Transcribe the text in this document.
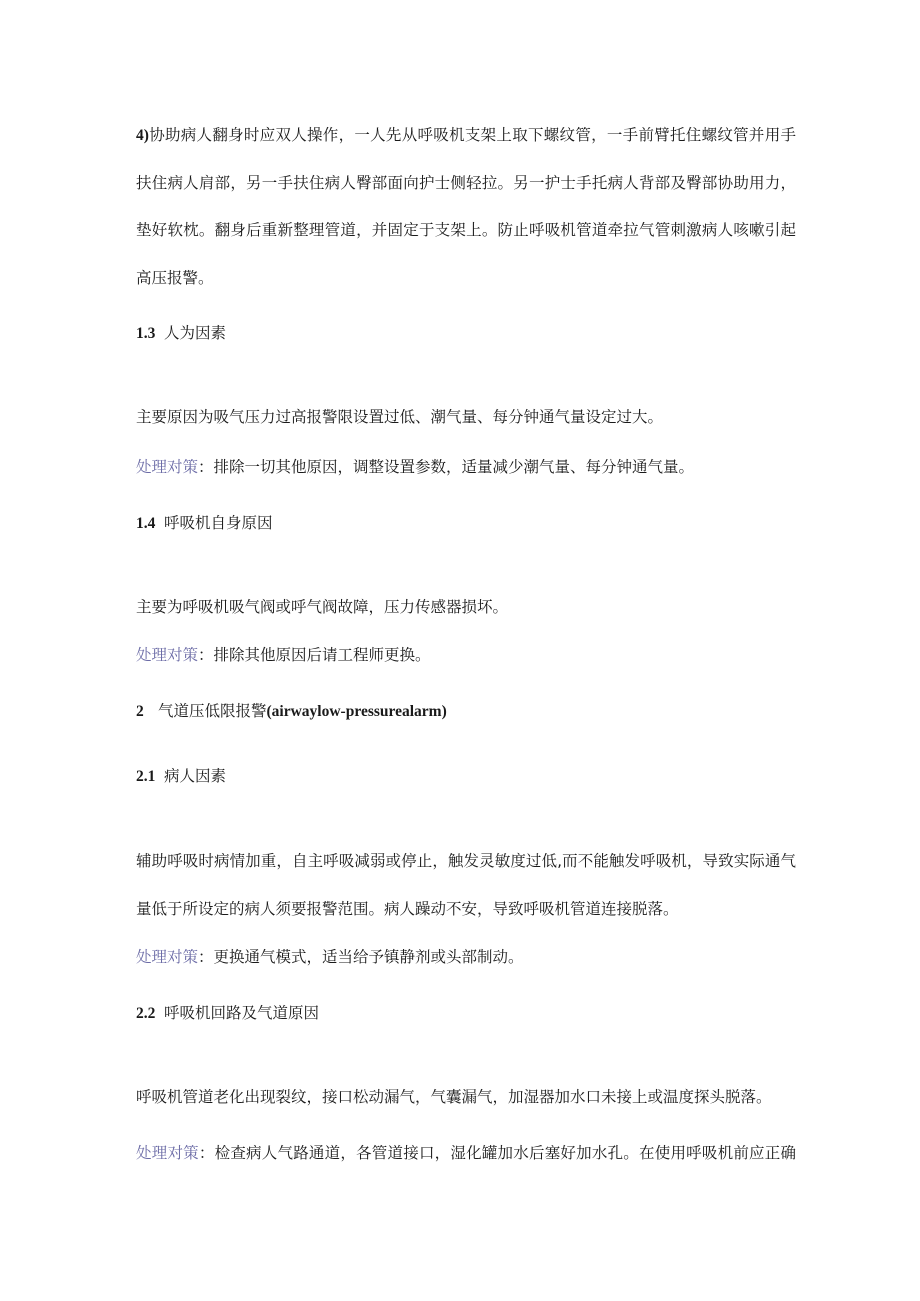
4)协助病人翻身时应双人操作，一人先从呼吸机支架上取下螺纹管，一手前臂托住螺纹管并用手
扶住病人肩部，另一手扶住病人臀部面向护士侧轻拉。另一护士手托病人背部及臀部协助用力，
垫好软枕。翻身后重新整理管道，并固定于支架上。防止呼吸机管道牵拉气管刺激病人咳嗽引起
高压报警。
1.3 人为因素
主要原因为吸气压力过高报警限设置过低、潮气量、每分钟通气量设定过大。
处理对策：排除一切其他原因，调整设置参数，适量减少潮气量、每分钟通气量。
1.4 呼吸机自身原因
主要为呼吸机吸气阀或呼气阀故障，压力传感器损坏。
处理对策：排除其他原因后请工程师更换。
2 气道压低限报警(airwaylow-pressurealarm)
2.1 病人因素
辅助呼吸时病情加重，自主呼吸减弱或停止，触发灵敏度过低,而不能触发呼吸机，导致实际通气
量低于所设定的病人须要报警范围。病人躁动不安，导致呼吸机管道连接脱落。
处理对策：更换通气模式，适当给予镇静剂或头部制动。
2.2 呼吸机回路及气道原因
呼吸机管道老化出现裂纹，接口松动漏气，气囊漏气，加湿器加水口未接上或温度探头脱落。
处理对策：检查病人气路通道，各管道接口，湿化罐加水后塞好加水孔。在使用呼吸机前应正确
